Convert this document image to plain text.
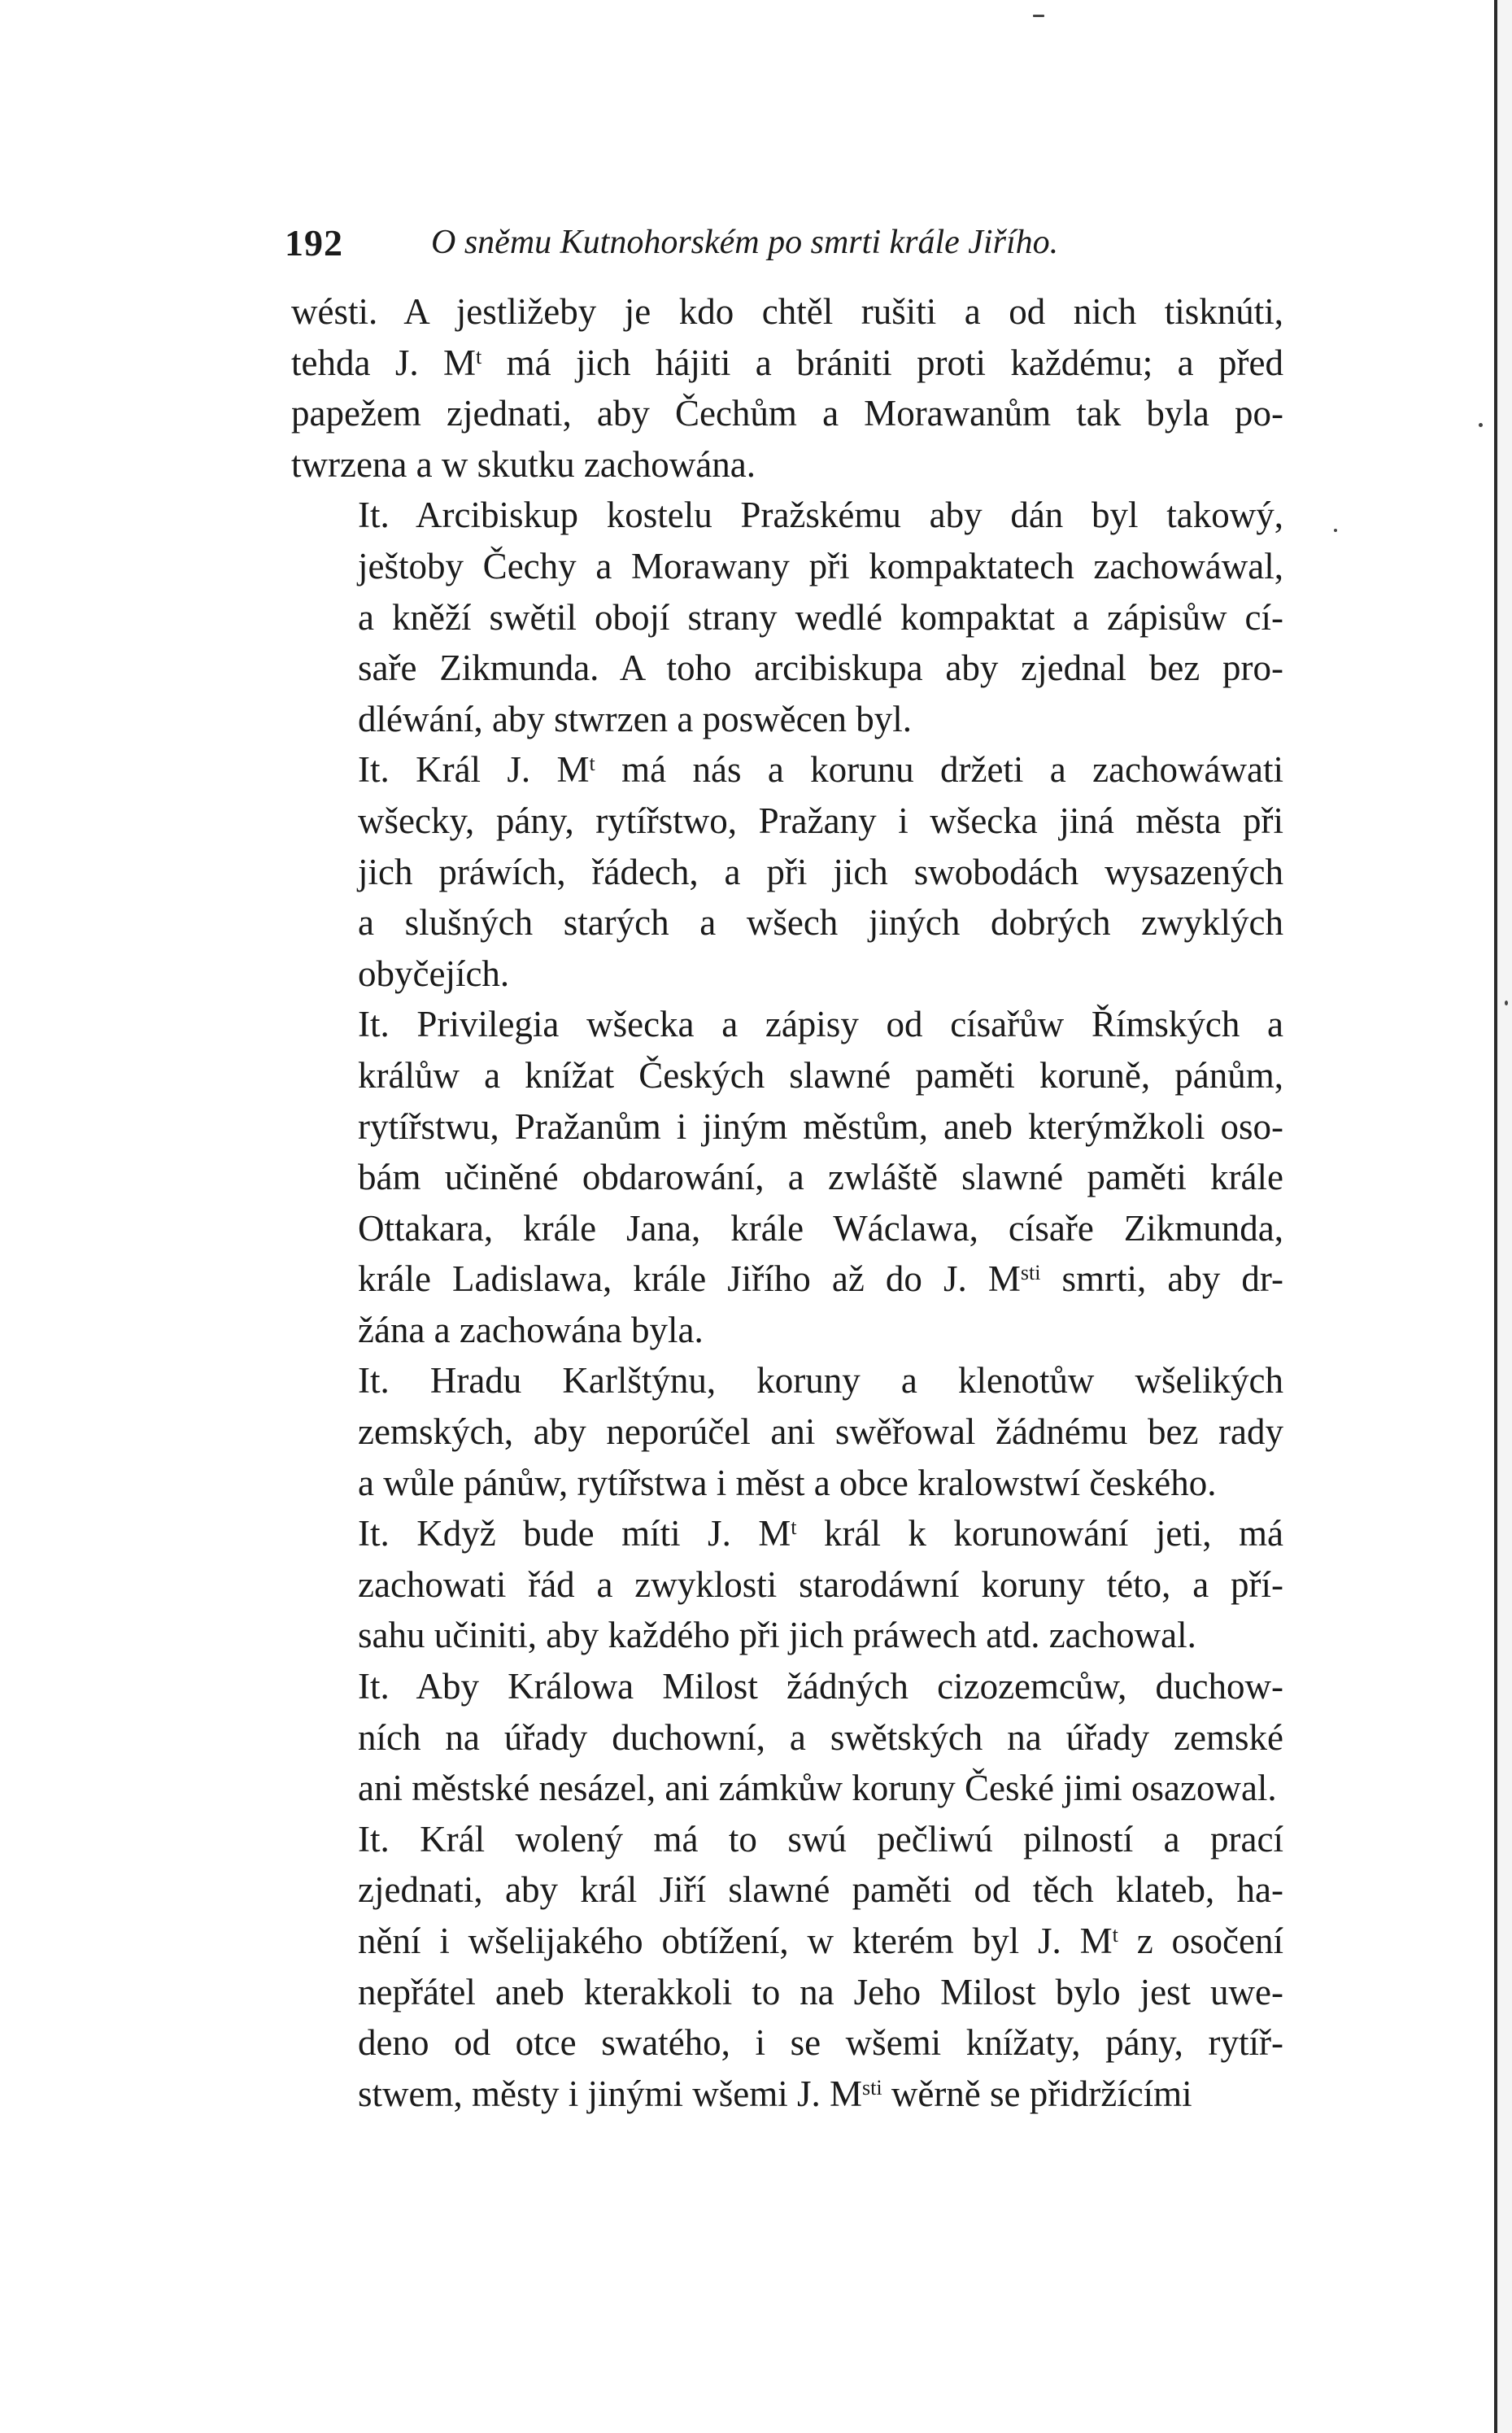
192	O sněmu Kutnohorském po smrti krále Jiřího.
wésti. A jestližeby je kdo chtěl rušiti a od nich tisknúti,
tehda J. $M^t$ má jich hájiti a brániti proti každému; a před
papežem zjednati, aby Čechům a Morawanům tak byla po-
twrzena a w skutku zachowána.
It. Arcibiskup kostelu Pražskému aby dán byl takowý,
ještoby Čechy a Morawany při kompaktatech zachowáwal,
a kněží swětil obojí strany wedlé kompaktat a zápisůw cí-
saře Zikmunda. A toho arcibiskupa aby zjednal bez pro-
dléwání, aby stwrzen a poswěcen byl.
It. Král J. $M^t$ má nás a korunu držeti a zachowáwati
wšecky, pány, rytířstwo, Pražany i wšecka jiná města při
jich práwích, řádech, a při jich swobodách wysazených
a slušných starých a wšech jiných dobrých zwyklých
obyčejích.
It. Privilegia wšecka a zápisy od císařůw Římských a
králůw a knížat Českých slawné paměti koruně, pánům,
rytířstwu, Pražanům i jiným městům, aneb kterýmžkoli oso-
bám učiněné obdarowání, a zwláště slawné paměti krále
Ottakara, krále Jana, krále Wáclawa, císaře Zikmunda,
krále Ladislawa, krále Jiřího až do J. $M^{sti}$ smrti, aby dr-
žána a zachowána byla.
It. Hradu Karlštýnu, koruny a klenotůw wšelikých
zemských, aby neporúčel ani swěřowal žádnému bez rady
a wůle pánůw, rytířstwa i měst a obce kralowstwí českého.
It. Když bude míti J. $M^t$ král k korunowání jeti, má
zachowati řád a zwyklosti starodáwní koruny této, a pří-
sahu učiniti, aby každého při jich práwech atd. zachowal.
It. Aby Králowa Milost žádných cizozemcůw, duchow-
ních na úřady duchowní, a swětských na úřady zemské
ani městské nesázel, ani zámkůw koruny České jimi osazowal.
It. Král wolený má to swú pečliwú pilností a prací
zjednati, aby král Jiří slawné paměti od těch klateb, ha-
nění i wšelijakého obtížení, w kterém byl J. $M^t$ z osočení
nepřátel aneb kterakkoli to na Jeho Milost bylo jest uwe-
deno od otce swatého, i se wšemi knížaty, pány, rytíř-
stwem, městy i jinými wšemi J. $M^{sti}$ wěrně se přidržícími
